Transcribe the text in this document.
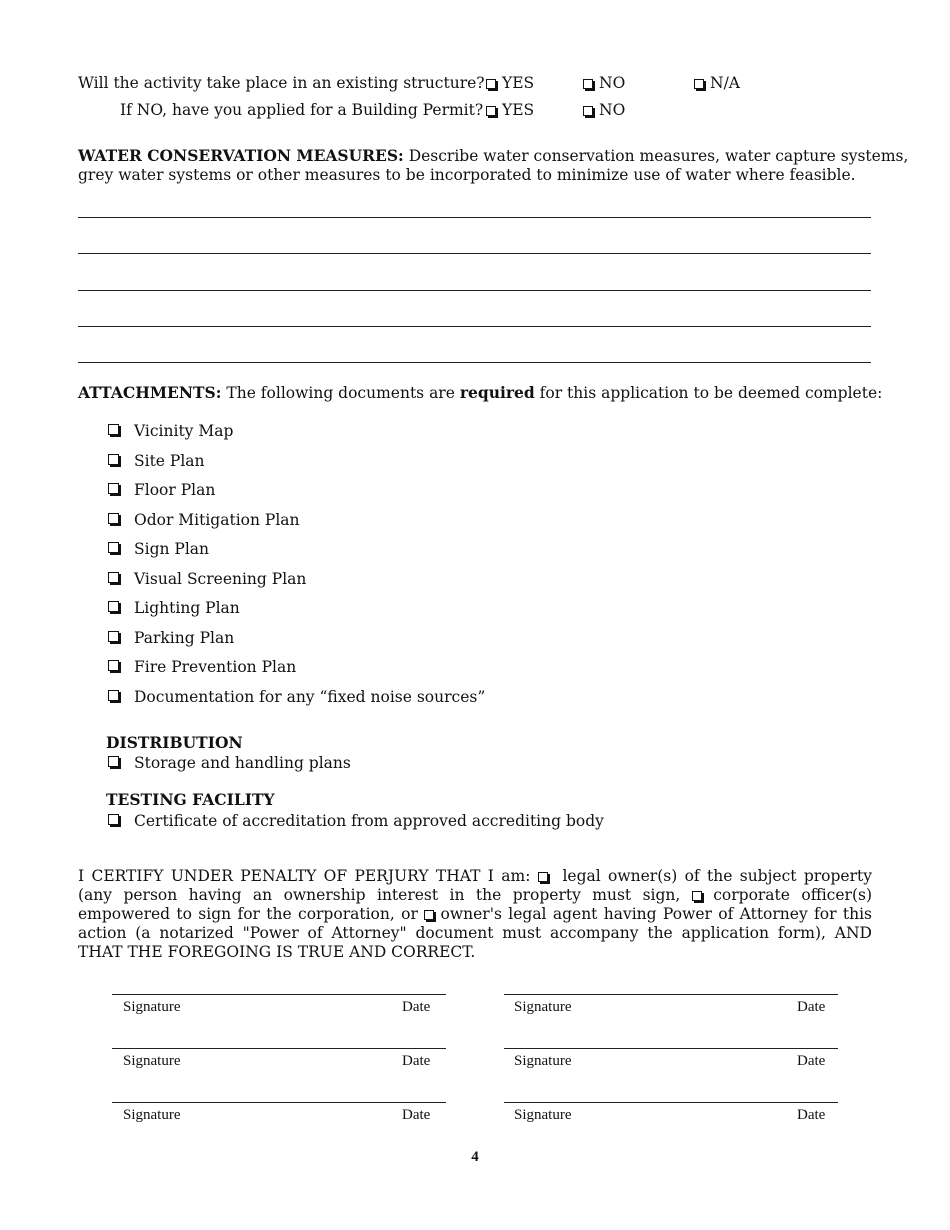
Will the activity take place in an existing structure?	YES	NO	N/A
If NO, have you applied for a Building Permit?	YES	NO
WATER CONSERVATION MEASURES: Describe water conservation measures, water capture systems,
grey water systems or other measures to be incorporated to minimize use of water where feasible.
ATTACHMENTS: The following documents are required for this application to be deemed complete:
Vicinity Map
Site Plan
Floor Plan
Odor Mitigation Plan
Sign Plan
Visual Screening Plan
Lighting Plan
Parking Plan
Fire Prevention Plan
Documentation for any “fixed noise sources”
DISTRIBUTION
Storage and handling plans
TESTING FACILITY
Certificate of accreditation from approved accrediting body
I CERTIFY UNDER PENALTY OF PERJURY THAT I am: legal owner(s) of the subject property (any person having an ownership interest in the property must sign, corporate officer(s) empowered to sign for the corporation, or owner's legal agent having Power of Attorney for this action (a notarized "Power of Attorney" document must accompany the application form), AND THAT THE FOREGOING IS TRUE AND CORRECT.
Signature	Date	Signature	Date
Signature	Date	Signature	Date
Signature	Date	Signature	Date
4
